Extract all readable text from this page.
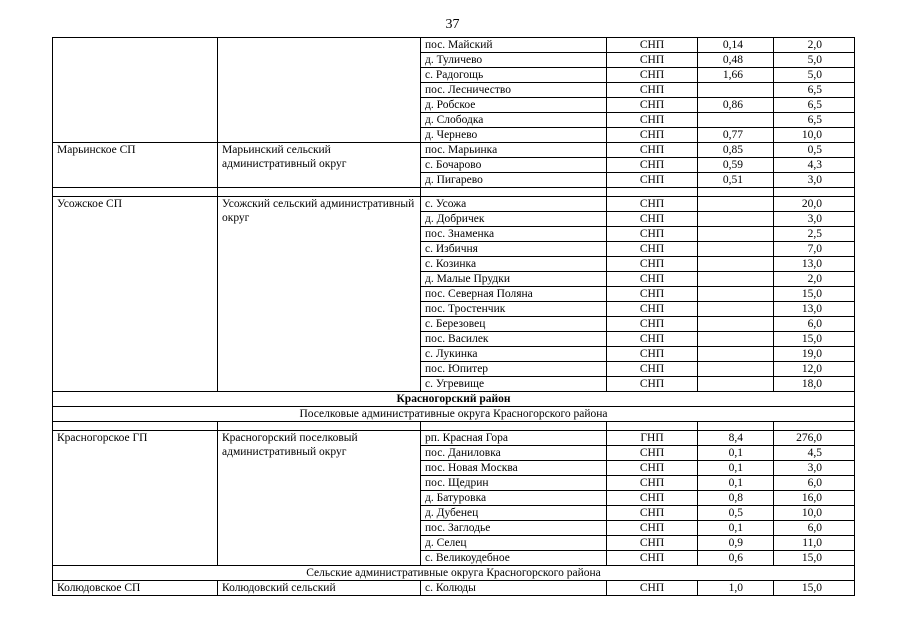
37
		пос. Майский	СНП	0,14	2,0
		д. Туличево	СНП	0,48	5,0
		с. Радогощь	СНП	1,66	5,0
		пос. Лесничество	СНП		6,5
		д. Робское	СНП	0,86	6,5
		д. Слободка	СНП		6,5
		д. Чернево	СНП	0,77	10,0
Марьинское СП	Марьинский сельский административный округ	пос. Марьинка	СНП	0,85	0,5
		с. Бочарово	СНП	0,59	4,3
		д. Пигарево	СНП	0,51	3,0

Усожское СП	Усожский сельский административный округ	с. Усожа	СНП		20,0
		д. Добричек	СНП		3,0
		пос. Знаменка	СНП		2,5
		с. Избичня	СНП		7,0
		с. Козинка	СНП		13,0
		д. Малые Прудки	СНП		2,0
		пос. Северная Поляна	СНП		15,0
		пос. Тростенчик	СНП		13,0
		с. Березовец	СНП		6,0
		пос. Василек	СНП		15,0
		с. Лукинка	СНП		19,0
		пос. Юпитер	СНП		12,0
		с. Угревище	СНП		18,0
Красногорский район					
Поселковые административные округа Красногорского района					

Красногорское ГП	Красногорский поселковый административный округ	рп. Красная Гора	ГНП	8,4	276,0
		пос. Даниловка	СНП	0,1	4,5
		пос. Новая Москва	СНП	0,1	3,0
		пос. Щедрин	СНП	0,1	6,0
		д. Батуровка	СНП	0,8	16,0
		д. Дубенец	СНП	0,5	10,0
		пос. Заглодье	СНП	0,1	6,0
		д. Селец	СНП	0,9	11,0
		с. Великоудебное	СНП	0,6	15,0
Сельские административные округа Красногорского района					
Колюдовское СП	Колюдовский сельский	с. Колюды	СНП	1,0	15,0
